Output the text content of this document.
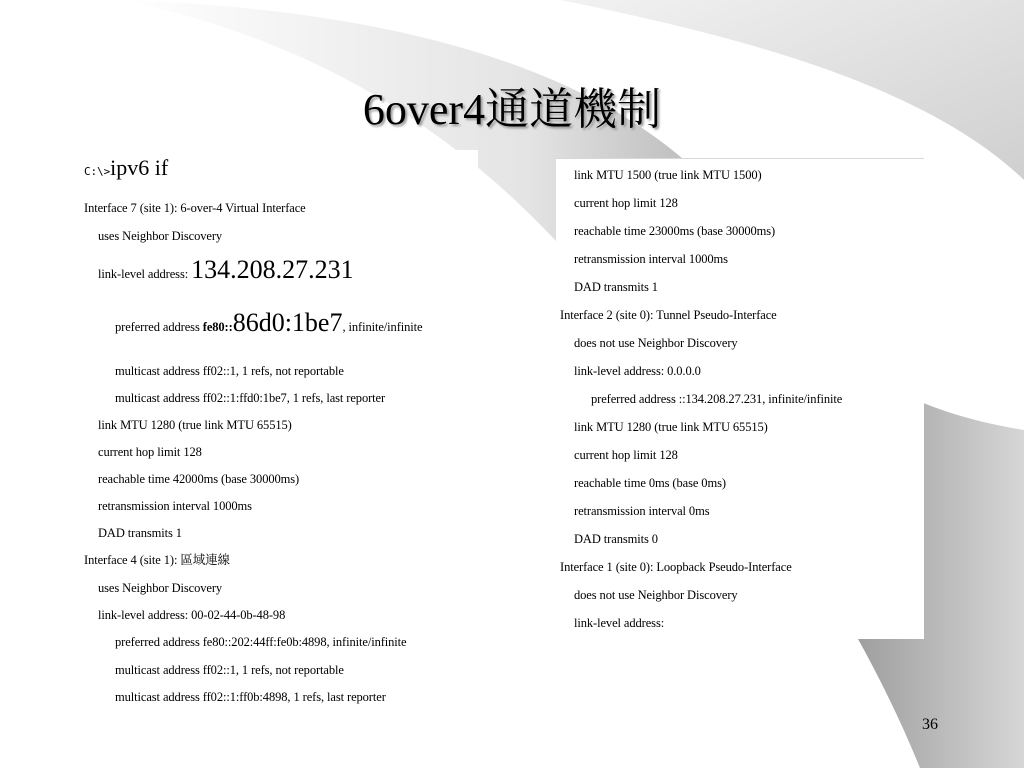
6over4通道機制
C:\>ipv6 if
Interface 7 (site 1): 6-over-4 Virtual Interface
uses Neighbor Discovery
link-level address: 134.208.27.231
preferred address fe80::86d0:1be7, infinite/infinite
multicast address ff02::1, 1 refs, not reportable
multicast address ff02::1:ffd0:1be7, 1 refs, last reporter
link MTU 1280 (true link MTU 65515)
current hop limit 128
reachable time 42000ms (base 30000ms)
retransmission interval 1000ms
DAD transmits 1
Interface 4 (site 1): 區域連線
uses Neighbor Discovery
link-level address: 00-02-44-0b-48-98
preferred address fe80::202:44ff:fe0b:4898, infinite/infinite
multicast address ff02::1, 1 refs, not reportable
multicast address ff02::1:ff0b:4898, 1 refs, last reporter
link MTU 1500 (true link MTU 1500)
current hop limit 128
reachable time 23000ms (base 30000ms)
retransmission interval 1000ms
DAD transmits 1
Interface 2 (site 0): Tunnel Pseudo-Interface
does not use Neighbor Discovery
link-level address: 0.0.0.0
preferred address ::134.208.27.231, infinite/infinite
link MTU 1280 (true link MTU 65515)
current hop limit 128
reachable time 0ms (base 0ms)
retransmission interval 0ms
DAD transmits 0
Interface 1 (site 0): Loopback Pseudo-Interface
does not use Neighbor Discovery
link-level address:
36
